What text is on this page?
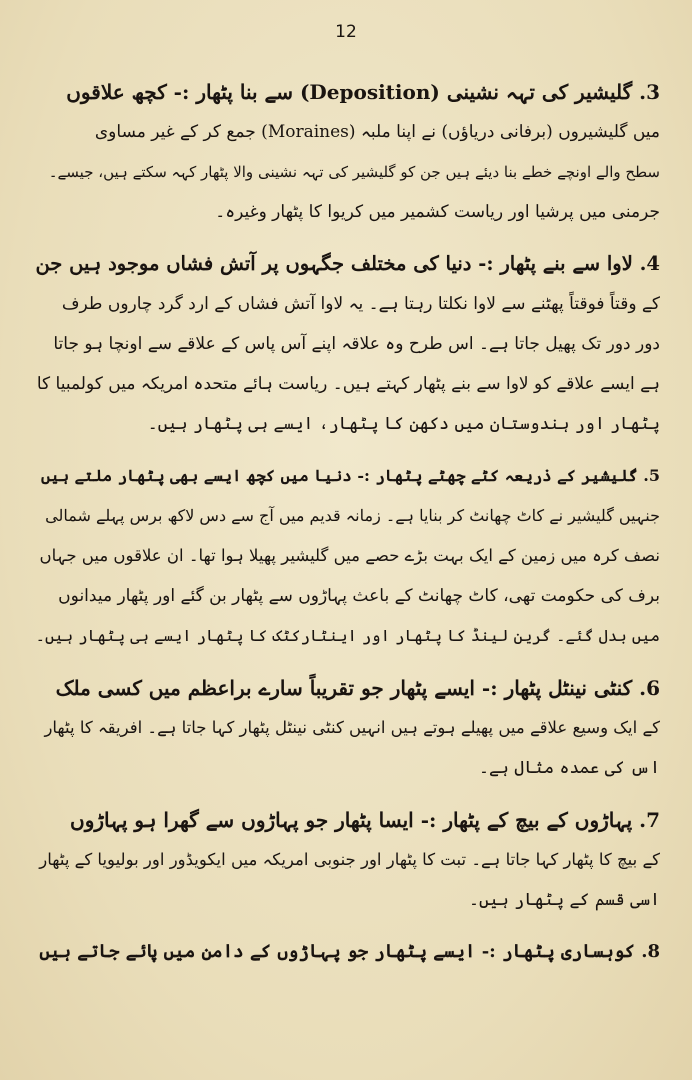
12
3. گلیشیر کی تہہ نشینی (Deposition) سے بنا پٹھار :- کچھ علاقوں
میں گلیشیروں (برفانی دریاؤں) نے اپنا ملبہ (Moraines) جمع کر کے غیر مساوی
سطح والے اونچے خطے بنا دیئے ہیں جن کو گلیشیر کی تہہ نشینی والا پٹھار کہہ سکتے ہیں، جیسے۔
جرمنی میں پرشیا اور ریاست کشمیر میں کریوا کا پٹھار وغیرہ۔
4. لاوا سے بنے پٹھار :- دنیا کی مختلف جگہوں پر آتش فشاں موجود ہیں جن
کے وقتاً فوقتاً پھٹنے سے لاوا نکلتا رہتا ہے۔ یہ لاوا آتش فشاں کے ارد گرد چاروں طرف
دور دور تک پھیل جاتا ہے۔ اس طرح وہ علاقہ اپنے آس پاس کے علاقے سے اونچا ہو جاتا
ہے ایسے علاقے کو لاوا سے بنے پٹھار کہتے ہیں۔ ریاست ہائے متحدہ امریکہ میں کولمبیا کا
پٹھار اور ہندوستان میں دکھن کا پٹھار، ایسے ہی پٹھار ہیں۔
5. گلیشیر کے ذریعہ کٹے چھٹے پٹھار :- دنیا میں کچھ ایسے بھی پٹھار ملتے ہیں
جنہیں گلیشیر نے کاٹ چھانٹ کر بنایا ہے۔ زمانہ قدیم میں آج سے دس لاکھ برس پہلے شمالی
نصف کرہ میں زمین کے ایک بہت بڑے حصے میں گلیشیر پھیلا ہوا تھا۔ ان علاقوں میں جہاں
برف کی حکومت تھی، کاٹ چھانٹ کے باعث پہاڑوں سے پٹھار بن گئے اور پٹھار میدانوں
میں بدل گئے۔ گرین لینڈ کا پٹھار اور اینٹارکٹک کا پٹھار ایسے ہی پٹھار ہیں۔
6. کنٹی نینٹل پٹھار :- ایسے پٹھار جو تقریباً سارے براعظم میں کسی ملک
کے ایک وسیع علاقے میں پھیلے ہوتے ہیں انہیں کنٹی نینٹل پٹھار کہا جاتا ہے۔ افریقہ کا پٹھار
اس کی عمدہ مثال ہے۔
7. پہاڑوں کے بیچ کے پٹھار :- ایسا پٹھار جو پہاڑوں سے گھرا ہو پہاڑوں
کے بیچ کا پٹھار کہا جاتا ہے۔ تبت کا پٹھار اور جنوبی امریکہ میں ایکویڈور اور بولیویا کے پٹھار
اسی قسم کے پٹھار ہیں۔
8. کوہساری پٹھار :- ایسے پٹھار جو پہاڑوں کے دامن میں پائے جاتے ہیں
